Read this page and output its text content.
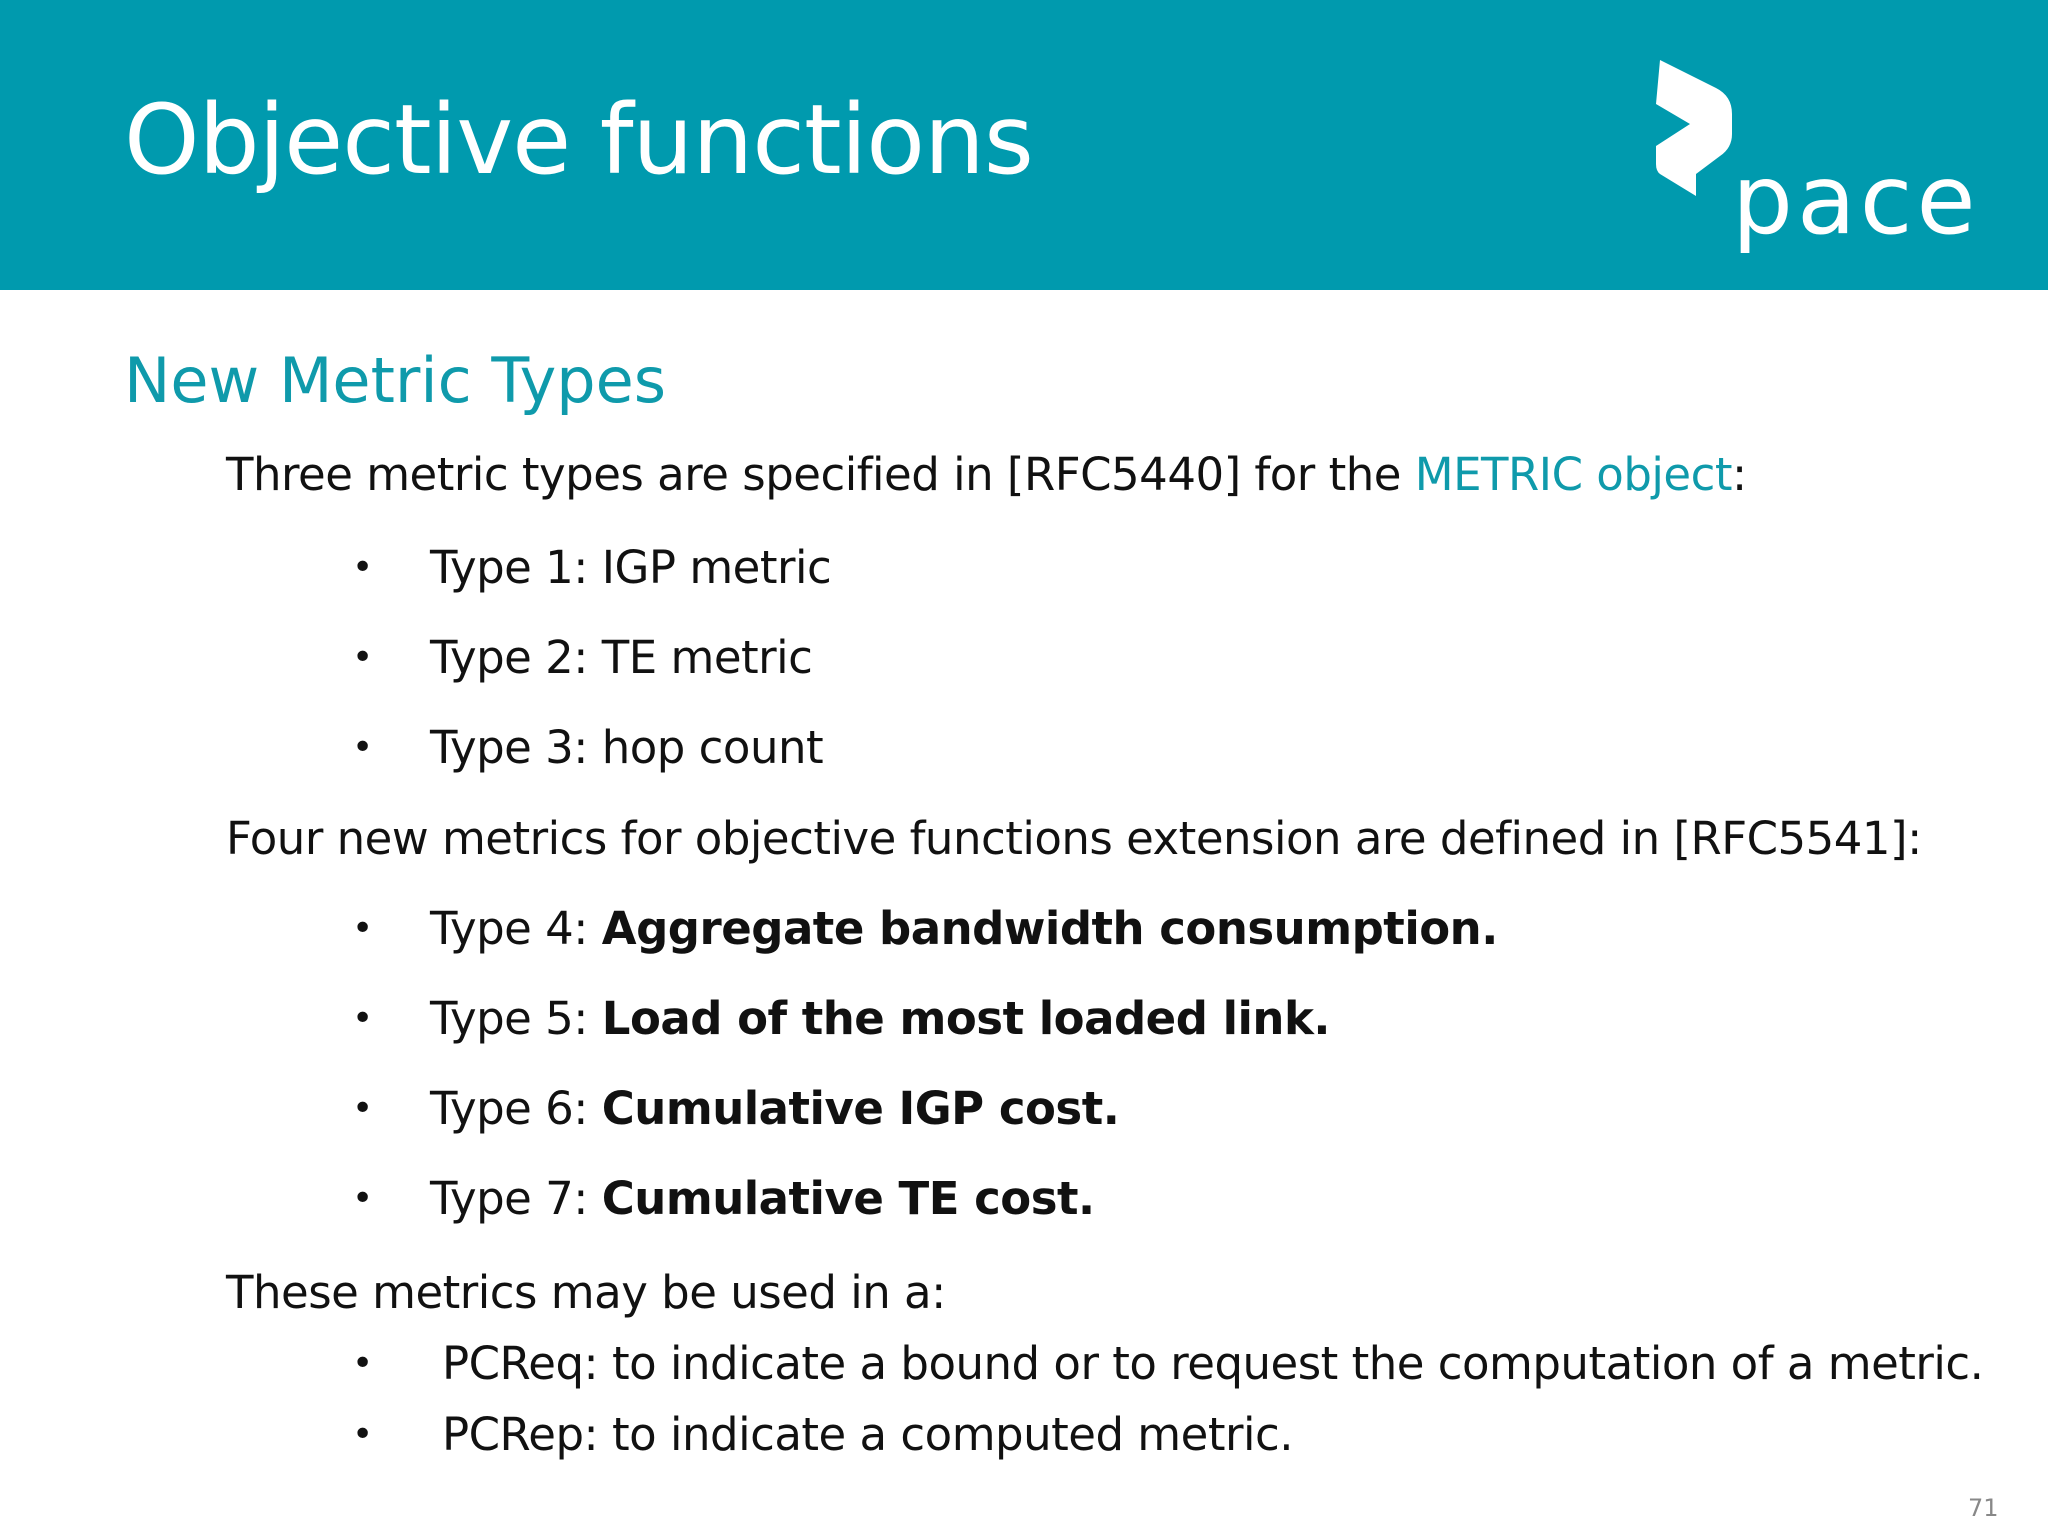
Objective functions
pace
New Metric Types
Three metric types are specified in [RFC5440] for the METRIC object:
• Type 1: IGP metric
• Type 2: TE metric
• Type 3: hop count
Four new metrics for objective functions extension are defined in [RFC5541]:
• Type 4: Aggregate bandwidth consumption.
• Type 5: Load of the most loaded link.
• Type 6: Cumulative IGP cost.
• Type 7: Cumulative TE cost.
These metrics may be used in a:
• PCReq: to indicate a bound or to request the computation of a metric.
• PCRep: to indicate a computed metric.
71
